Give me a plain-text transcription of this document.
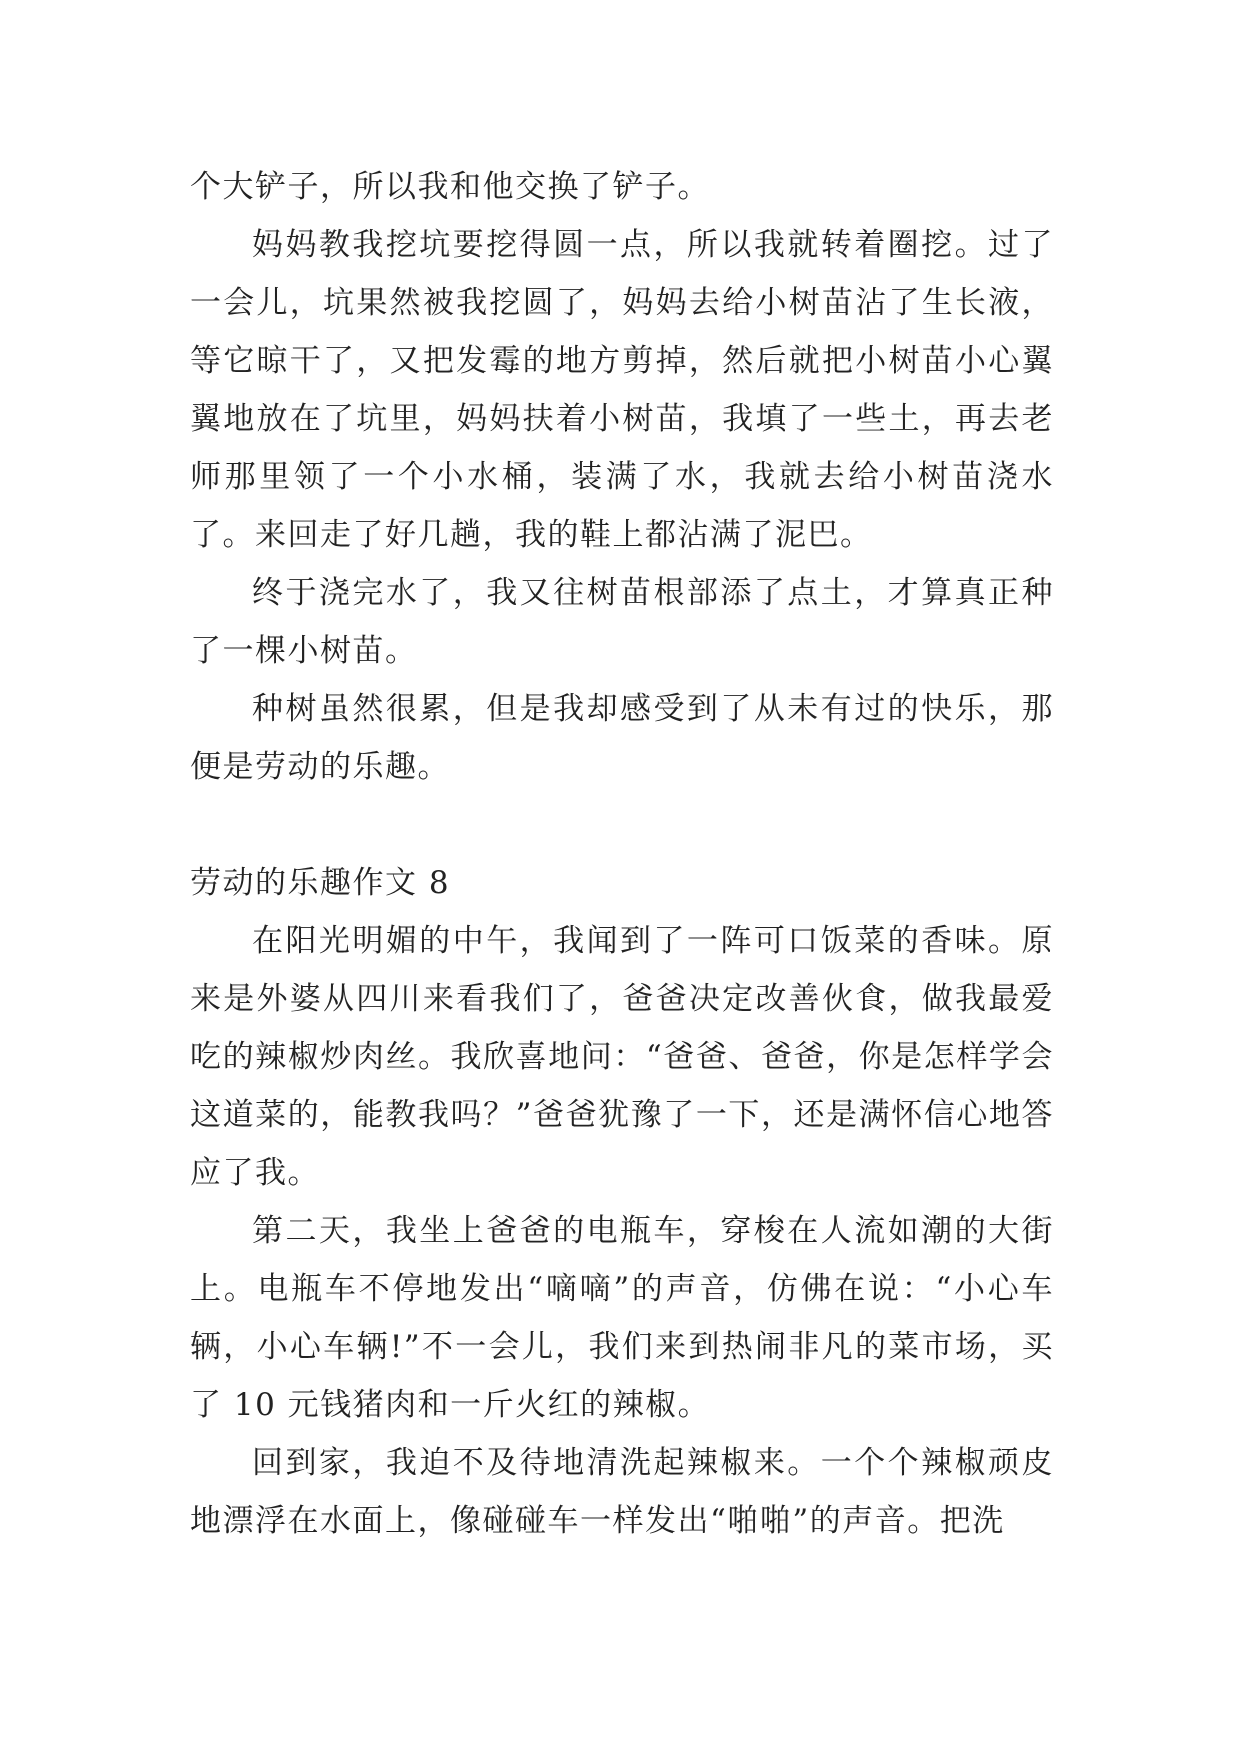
个大铲子，所以我和他交换了铲子。

妈妈教我挖坑要挖得圆一点，所以我就转着圈挖。过了一会儿，坑果然被我挖圆了，妈妈去给小树苗沾了生长液，等它晾干了，又把发霉的地方剪掉，然后就把小树苗小心翼翼地放在了坑里，妈妈扶着小树苗，我填了一些土，再去老师那里领了一个小水桶，装满了水，我就去给小树苗浇水了。来回走了好几趟，我的鞋上都沾满了泥巴。

终于浇完水了，我又往树苗根部添了点土，才算真正种了一棵小树苗。

种树虽然很累，但是我却感受到了从未有过的快乐，那便是劳动的乐趣。

劳动的乐趣作文 8

在阳光明媚的中午，我闻到了一阵可口饭菜的香味。原来是外婆从四川来看我们了，爸爸决定改善伙食，做我最爱吃的辣椒炒肉丝。我欣喜地问：“爸爸、爸爸，你是怎样学会这道菜的，能教我吗？”爸爸犹豫了一下，还是满怀信心地答应了我。

第二天，我坐上爸爸的电瓶车，穿梭在人流如潮的大街上。电瓶车不停地发出“嘀嘀”的声音，仿佛在说：“小心车辆，小心车辆!”不一会儿，我们来到热闹非凡的菜市场，买了 10 元钱猪肉和一斤火红的辣椒。

回到家，我迫不及待地清洗起辣椒来。一个个辣椒顽皮地漂浮在水面上，像碰碰车一样发出“啪啪”的声音。把洗
